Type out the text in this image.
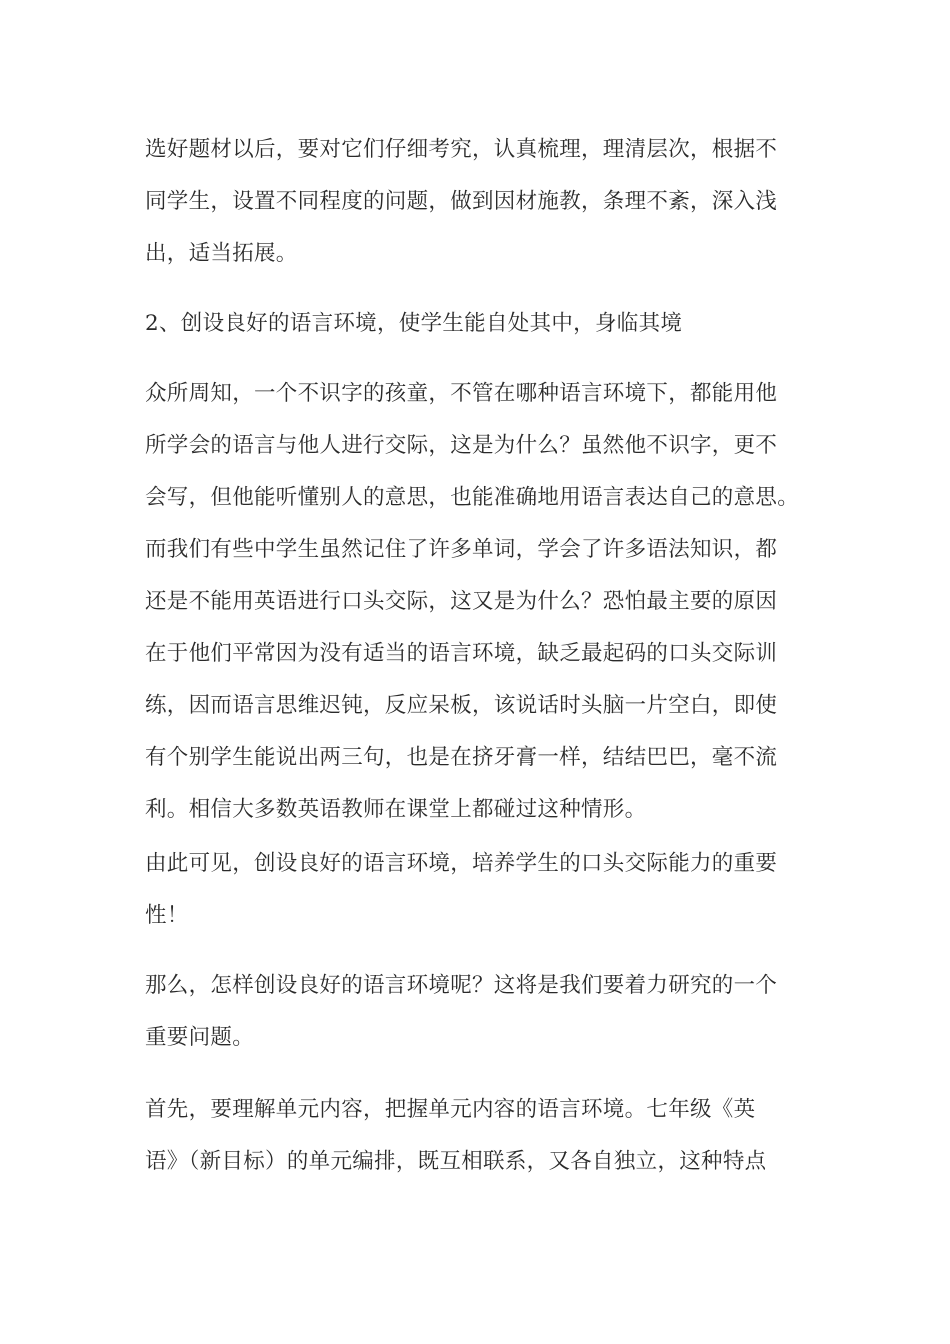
选好题材以后，要对它们仔细考究，认真梳理，理清层次，根据不
同学生，设置不同程度的问题，做到因材施教，条理不紊，深入浅
出，适当拓展。
2、创设良好的语言环境，使学生能自处其中，身临其境
众所周知，一个不识字的孩童，不管在哪种语言环境下，都能用他
所学会的语言与他人进行交际，这是为什么？虽然他不识字，更不
会写，但他能听懂别人的意思，也能准确地用语言表达自己的意思。
而我们有些中学生虽然记住了许多单词，学会了许多语法知识，都
还是不能用英语进行口头交际，这又是为什么？恐怕最主要的原因
在于他们平常因为没有适当的语言环境，缺乏最起码的口头交际训
练，因而语言思维迟钝，反应呆板，该说话时头脑一片空白，即使
有个别学生能说出两三句，也是在挤牙膏一样，结结巴巴，毫不流
利。相信大多数英语教师在课堂上都碰过这种情形。
由此可见，创设良好的语言环境，培养学生的口头交际能力的重要
性！
那么，怎样创设良好的语言环境呢？这将是我们要着力研究的一个
重要问题。
首先，要理解单元内容，把握单元内容的语言环境。七年级《英
语》（新目标）的单元编排，既互相联系，又各自独立，这种特点
